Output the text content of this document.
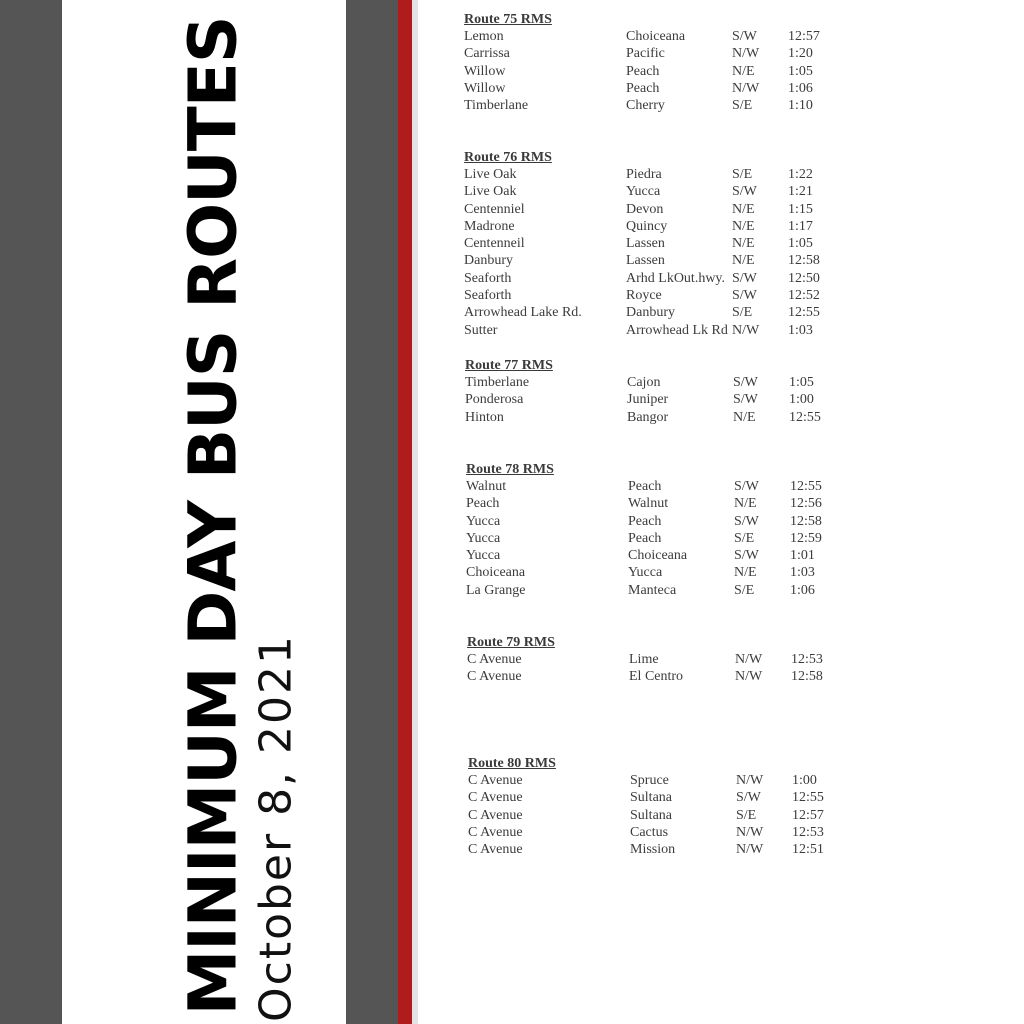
MINIMUM DAY BUS ROUTES October 8, 2021
Route 75 RMS
Lemon	Choiceana	S/W 12:57
Carrissa	Pacific	N/W 1:20
Willow	Peach	N/E 1:05
Willow	Peach	N/W 1:06
Timberlane	Cherry	S/E	1:10
Route 76 RMS
Live Oak	Piedra	S/E	1:22
Live Oak	Yucca	S/W 1:21
Centenniel	Devon	N/E 1:15
Madrone	Quincy	N/E 1:17
Centenneil	Lassen	N/E 1:05
Danbury	Lassen	N/E 12:58
Seaforth	Arhd LkOut.hwy. S/W 12:50
Seaforth	Royce	S/W 12:52
Arrowhead Lake Rd.	Danbury	S/E	12:55
Sutter	Arrowhead Lk Rd N/W 1:03
Route 77 RMS
Timberlane	Cajon	S/W 1:05
Ponderosa	Juniper	S/W 1:00
Hinton	Bangor	N/E 12:55
Route 78 RMS
Walnut	Peach	S/W 12:55
Peach	Walnut	N/E 12:56
Yucca	Peach	S/W 12:58
Yucca	Peach	S/E	12:59
Yucca	Choiceana	S/W 1:01
Choiceana	Yucca	N/E 1:03
La Grange	Manteca	S/E	1:06
Route 79 RMS
C Avenue	Lime	N/W 12:53
C Avenue	El Centro	N/W 12:58
Route 80 RMS
C Avenue	Spruce	N/W 1:00
C Avenue	Sultana	S/W 12:55
C Avenue	Sultana	S/E	12:57
C Avenue	Cactus	N/W 12:53
C Avenue	Mission	N/W 12:51
